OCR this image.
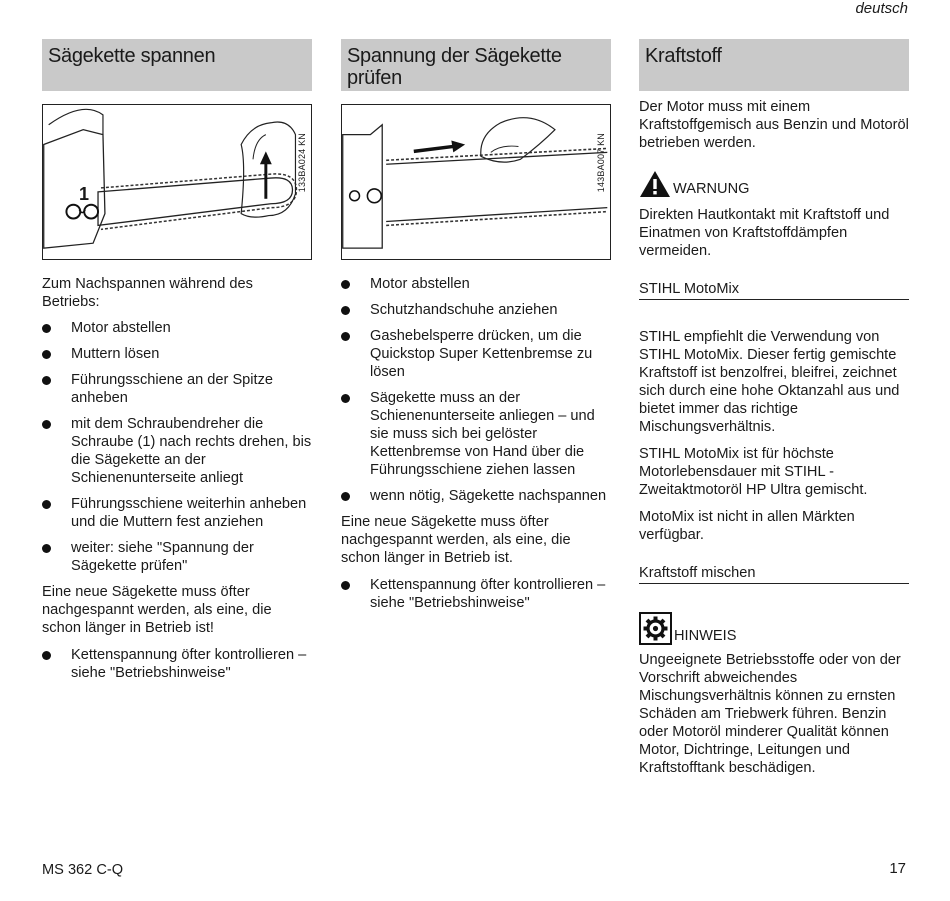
deutsch
Sägekette spannen
1
133BA024 KN

Zum Nachspannen während des Betriebs:

Motor abstellen
Muttern lösen
Führungsschiene an der Spitze anheben
mit dem Schraubendreher die Schraube (1) nach rechts drehen, bis die Sägekette an der Schienenunterseite anliegt
Führungsschiene weiterhin anheben und die Muttern fest anziehen
weiter: siehe "Spannung der Sägekette prüfen"

Eine neue Sägekette muss öfter nachgespannt werden, als eine, die schon länger in Betrieb ist!

Kettenspannung öfter kontrollieren – siehe "Betriebshinweise"
Spannung der Sägekette prüfen
143BA007 KN
Motor abstellen
Schutzhandschuhe anziehen
Gashebelsperre drücken, um die Quickstop Super Kettenbremse zu lösen
Sägekette muss an der Schienenunterseite anliegen – und sie muss sich bei gelöster Kettenbremse von Hand über die Führungsschiene ziehen lassen
wenn nötig, Sägekette nachspannen

Eine neue Sägekette muss öfter nachgespannt werden, als eine, die schon länger in Betrieb ist.

Kettenspannung öfter kontrollieren – siehe "Betriebshinweise"
Kraftstoff

Der Motor muss mit einem Kraftstoffgemisch aus Benzin und Motoröl betrieben werden.

WARNUNG

Direkten Hautkontakt mit Kraftstoff und Einatmen von Kraftstoffdämpfen vermeiden.

STIHL MotoMix

STIHL empfiehlt die Verwendung von STIHL MotoMix. Dieser fertig gemischte Kraftstoff ist benzolfrei, bleifrei, zeichnet sich durch eine hohe Oktanzahl aus und bietet immer das richtige Mischungsverhältnis.

STIHL MotoMix ist für höchste Motorlebensdauer mit STIHL - Zweitaktmotoröl HP Ultra gemischt.

MotoMix ist nicht in allen Märkten verfügbar.

Kraftstoff mischen
HINWEIS

Ungeeignete Betriebsstoffe oder von der Vorschrift abweichendes Mischungsverhältnis können zu ernsten Schäden am Triebwerk führen. Benzin oder Motoröl minderer Qualität können Motor, Dichtringe, Leitungen und Kraftstofftank beschädigen.

MS 362 C-Q	17
